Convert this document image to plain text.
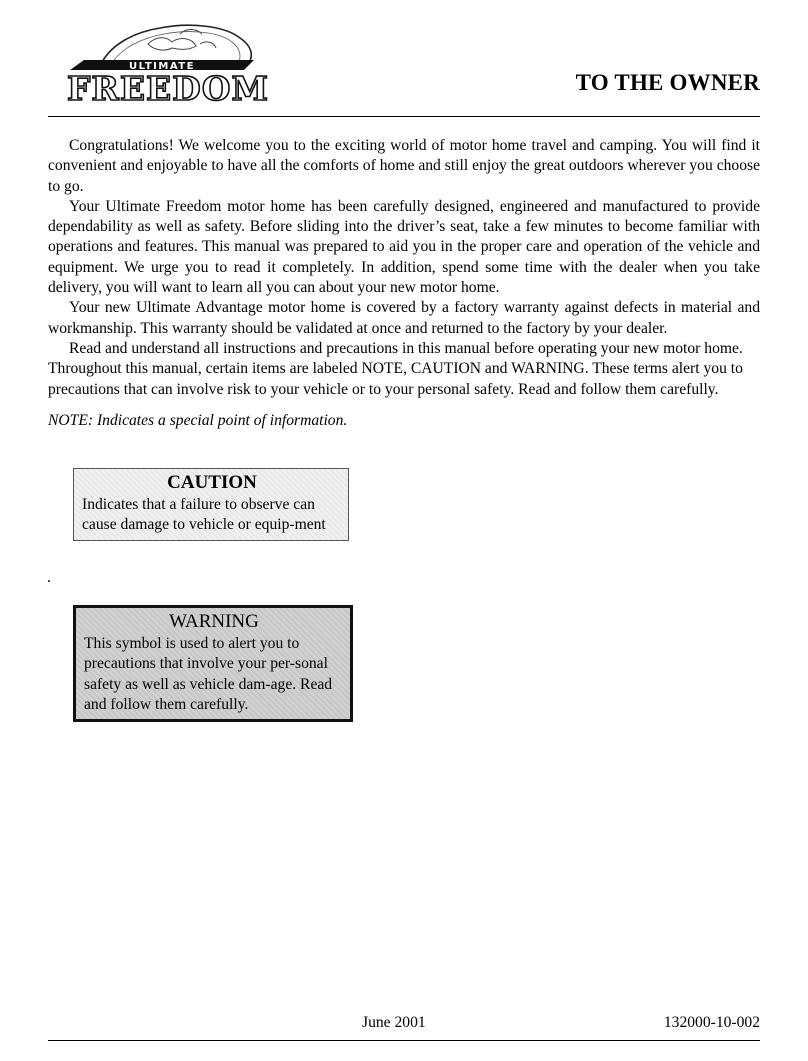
ULTIMATE
FREEDOM	TO THE OWNER

Congratulations! We welcome you to the exciting world of motor home travel and camping. You will find it convenient and enjoyable to have all the comforts of home and still enjoy the great outdoors wherever you choose to go.

Your Ultimate Freedom motor home has been carefully designed, engineered and manufactured to provide dependability as well as safety. Before sliding into the driver’s seat, take a few minutes to become familiar with operations and features. This manual was prepared to aid you in the proper care and operation of the vehicle and equipment. We urge you to read it completely. In addition, spend some time with the dealer when you take delivery, you will want to learn all you can about your new motor home.

Your new Ultimate Advantage motor home is covered by a factory warranty against defects in material and workmanship. This warranty should be validated at once and returned to the factory by your dealer.

Read and understand all instructions and precautions in this manual before operating your new motor home. Throughout this manual, certain items are labeled NOTE, CAUTION and WARNING. These terms alert you to precautions that can involve risk to your vehicle or to your personal safety. Read and follow them carefully.

NOTE: Indicates a special point of information.
CAUTION
Indicates that a failure to observe can cause damage to vehicle or equip-ment
.
WARNING
This symbol is used to alert you to precautions that involve your per-sonal safety as well as vehicle dam-age. Read and follow them carefully.
June 2001	132000-10-002
